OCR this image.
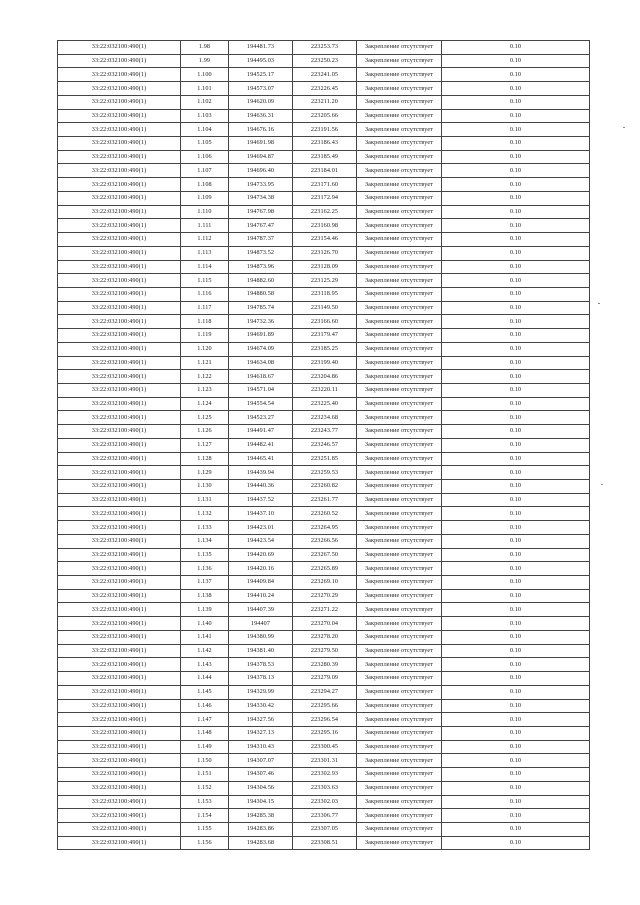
33:22:032100:490(1)	1.98	194481.73	223253.73	Закрепление отсутствует	0.10
33:22:032100:490(1)	1.99	194495.03	223250.23	Закрепление отсутствует	0.10
33:22:032100:490(1)	1.100	194525.17	223241.05	Закрепление отсутствует	0.10
33:22:032100:490(1)	1.101	194573.07	223226.45	Закрепление отсутствует	0.10
33:22:032100:490(1)	1.102	194620.09	223211.20	Закрепление отсутствует	0.10
33:22:032100:490(1)	1.103	194636.31	223205.66	Закрепление отсутствует	0.10
33:22:032100:490(1)	1.104	194676.16	223191.56	Закрепление отсутствует	0.10
33:22:032100:490(1)	1.105	194691.98	223186.43	Закрепление отсутствует	0.10
33:22:032100:490(1)	1.106	194694.87	223185.49	Закрепление отсутствует	0.10
33:22:032100:490(1)	1.107	194696.40	223184.01	Закрепление отсутствует	0.10
33:22:032100:490(1)	1.108	194733.95	223171.60	Закрепление отсутствует	0.10
33:22:032100:490(1)	1.109	194734.38	223172.94	Закрепление отсутствует	0.10
33:22:032100:490(1)	1.110	194767.98	223162.25	Закрепление отсутствует	0.10
33:22:032100:490(1)	1.111	194767.47	223160.98	Закрепление отсутствует	0.10
33:22:032100:490(1)	1.112	194787.37	223154.46	Закрепление отсутствует	0.10
33:22:032100:490(1)	1.113	194873.52	223126.70	Закрепление отсутствует	0.10
33:22:032100:490(1)	1.114	194873.96	223128.09	Закрепление отсутствует	0.10
33:22:032100:490(1)	1.115	194882.60	223125.29	Закрепление отсутствует	0.10
33:22:032100:490(1)	1.116	194880.58	223118.95	Закрепление отсутствует	0.10
33:22:032100:490(1)	1.117	194785.74	223149.50	Закрепление отсутствует	0.10
33:22:032100:490(1)	1.118	194732.36	223166.60	Закрепление отсутствует	0.10
33:22:032100:490(1)	1.119	194691.89	223179.47	Закрепление отсутствует	0.10
33:22:032100:490(1)	1.120	194674.09	223185.25	Закрепление отсутствует	0.10
33:22:032100:490(1)	1.121	194634.08	223199.40	Закрепление отсутствует	0.10
33:22:032100:490(1)	1.122	194618.67	223204.86	Закрепление отсутствует	0.10
33:22:032100:490(1)	1.123	194571.04	223220.11	Закрепление отсутствует	0.10
33:22:032100:490(1)	1.124	194554.54	223225.40	Закрепление отсутствует	0.10
33:22:032100:490(1)	1.125	194523.27	223234.68	Закрепление отсутствует	0.10
33:22:032100:490(1)	1.126	194491.47	223243.77	Закрепление отсутствует	0.10
33:22:032100:490(1)	1.127	194482.41	223246.57	Закрепление отсутствует	0.10
33:22:032100:490(1)	1.128	194465.41	223251.85	Закрепление отсутствует	0.10
33:22:032100:490(1)	1.129	194439.94	223259.53	Закрепление отсутствует	0.10
33:22:032100:490(1)	1.130	194440.36	223260.82	Закрепление отсутствует	0.10
33:22:032100:490(1)	1.131	194437.52	223261.77	Закрепление отсутствует	0.10
33:22:032100:490(1)	1.132	194437.10	223260.52	Закрепление отсутствует	0.10
33:22:032100:490(1)	1.133	194423.01	223264.95	Закрепление отсутствует	0.10
33:22:032100:490(1)	1.134	194423.54	223266.56	Закрепление отсутствует	0.10
33:22:032100:490(1)	1.135	194420.69	223267.50	Закрепление отсутствует	0.10
33:22:032100:490(1)	1.136	194420.16	223265.89	Закрепление отсутствует	0.10
33:22:032100:490(1)	1.137	194409.84	223269.10	Закрепление отсутствует	0.10
33:22:032100:490(1)	1.138	194410.24	223270.29	Закрепление отсутствует	0.10
33:22:032100:490(1)	1.139	194407.39	223271.22	Закрепление отсутствует	0.10
33:22:032100:490(1)	1.140	194407	223270.04	Закрепление отсутствует	0.10
33:22:032100:490(1)	1.141	194380.99	223278.20	Закрепление отсутствует	0.10
33:22:032100:490(1)	1.142	194381.40	223279.50	Закрепление отсутствует	0.10
33:22:032100:490(1)	1.143	194378.53	223280.39	Закрепление отсутствует	0.10
33:22:032100:490(1)	1.144	194378.13	223279.09	Закрепление отсутствует	0.10
33:22:032100:490(1)	1.145	194329.99	223294.27	Закрепление отсутствует	0.10
33:22:032100:490(1)	1.146	194330.42	223295.66	Закрепление отсутствует	0.10
33:22:032100:490(1)	1.147	194327.56	223296.54	Закрепление отсутствует	0.10
33:22:032100:490(1)	1.148	194327.13	223295.16	Закрепление отсутствует	0.10
33:22:032100:490(1)	1.149	194310.43	223300.45	Закрепление отсутствует	0.10
33:22:032100:490(1)	1.150	194307.07	223301.31	Закрепление отсутствует	0.10
33:22:032100:490(1)	1.151	194307.46	223302.93	Закрепление отсутствует	0.10
33:22:032100:490(1)	1.152	194304.56	223303.63	Закрепление отсутствует	0.10
33:22:032100:490(1)	1.153	194304.15	223302.03	Закрепление отсутствует	0.10
33:22:032100:490(1)	1.154	194285.38	223306.77	Закрепление отсутствует	0.10
33:22:032100:490(1)	1.155	194283.86	223307.05	Закрепление отсутствует	0.10
33:22:032100:490(1)	1.156	194283.68	223308.51	Закрепление отсутствует	0.10
